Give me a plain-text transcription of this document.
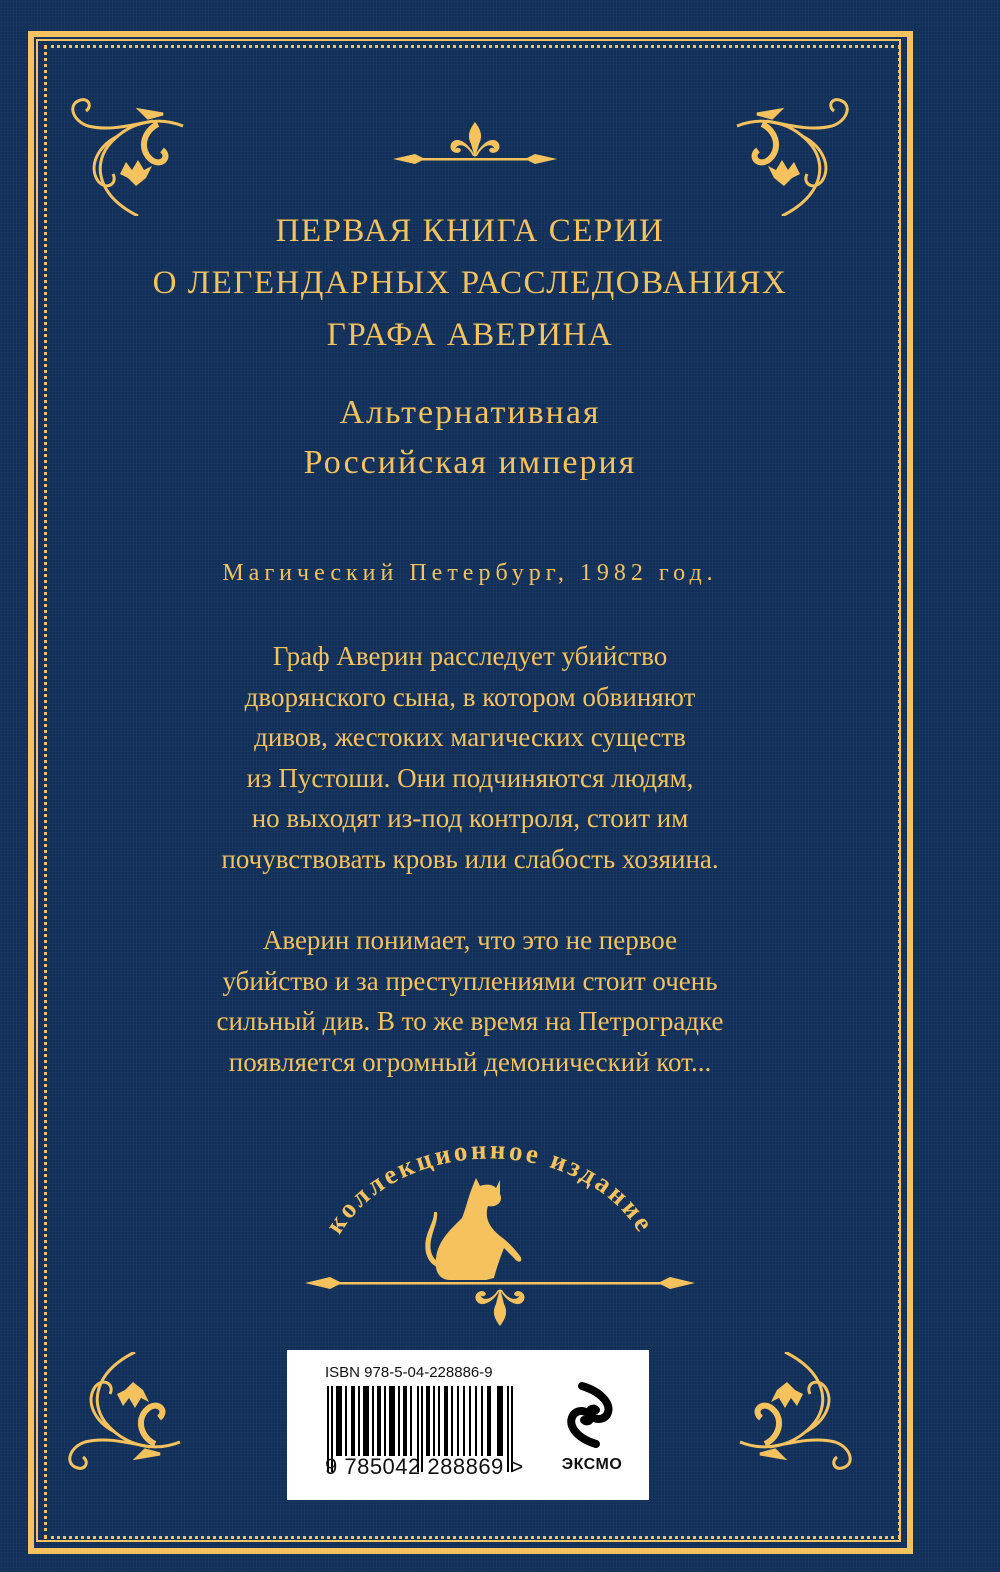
ПЕРВАЯ КНИГА СЕРИИ
О ЛЕГЕНДАРНЫХ РАССЛЕДОВАНИЯХ
ГРАФА АВЕРИНА
Альтернативная
Российская империя
Магический Петербург, 1982 год.

Граф Аверин расследует убийство

дворянского сына, в котором обвиняют

дивов, жестоких магических существ

из Пустоши. Они подчиняются людям,

но выходят из-под контроля, стоит им

почувствовать кровь или слабость хозяина.

Аверин понимает, что это не первое

убийство и за преступлениями стоит очень

сильный див. В то же время на Петроградке

появляется огромный демонический кот...

коллекционное издание
ISBN 978-5-04-228886-9
9 785042 288869 > ЭКСМО
